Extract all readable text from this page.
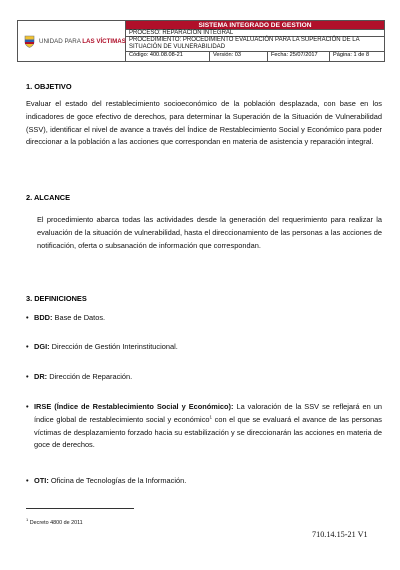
UNIDAD PARA LAS VÍCTIMAS
SISTEMA INTEGRADO DE GESTION
PROCESO: REPARACION INTEGRAL
PROCEDIMIENTO: PROCEDIMIENTO EVALUACIÓN PARA LA SUPERACIÓN DE LA SITUACIÓN DE VULNERABILIDAD
Código: 400.08.08-21	Versión: 03	Fecha: 25/07/2017	Página: 1 de 8
1. OBJETIVO
Evaluar el estado del restablecimiento socioeconómico de la población desplazada, con base en los indicadores de goce efectivo de derechos, para determinar la Superación de la Situación de Vulnerabilidad (SSV), identificar el nivel de avance a través del Índice de Restablecimiento Social y Económico para poder direccionar a la población a las acciones que correspondan en materia de asistencia y reparación integral.
2. ALCANCE
El procedimiento abarca todas las actividades desde la generación del requerimiento para realizar la evaluación de la situación de vulnerabilidad, hasta el direccionamiento de las personas a las acciones de notificación, oferta o subsanación de información que correspondan.
3. DEFINICIONES
• BDD: Base de Datos.
• DGI: Dirección de Gestión Interinstitucional.
• DR: Dirección de Reparación.
• IRSE (Índice de Restablecimiento Social y Económico): La valoración de la SSV se reflejará en un índice global de restablecimiento social y económico$^1$ con el que se evaluará el avance de las personas víctimas de desplazamiento forzado hacia su estabilización y se direccionarán las acciones en materia de goce de derechos.
• OTI: Oficina de Tecnologías de la Información.
$^1$ Decreto 4800 de 2011
710.14.15-21 V1
